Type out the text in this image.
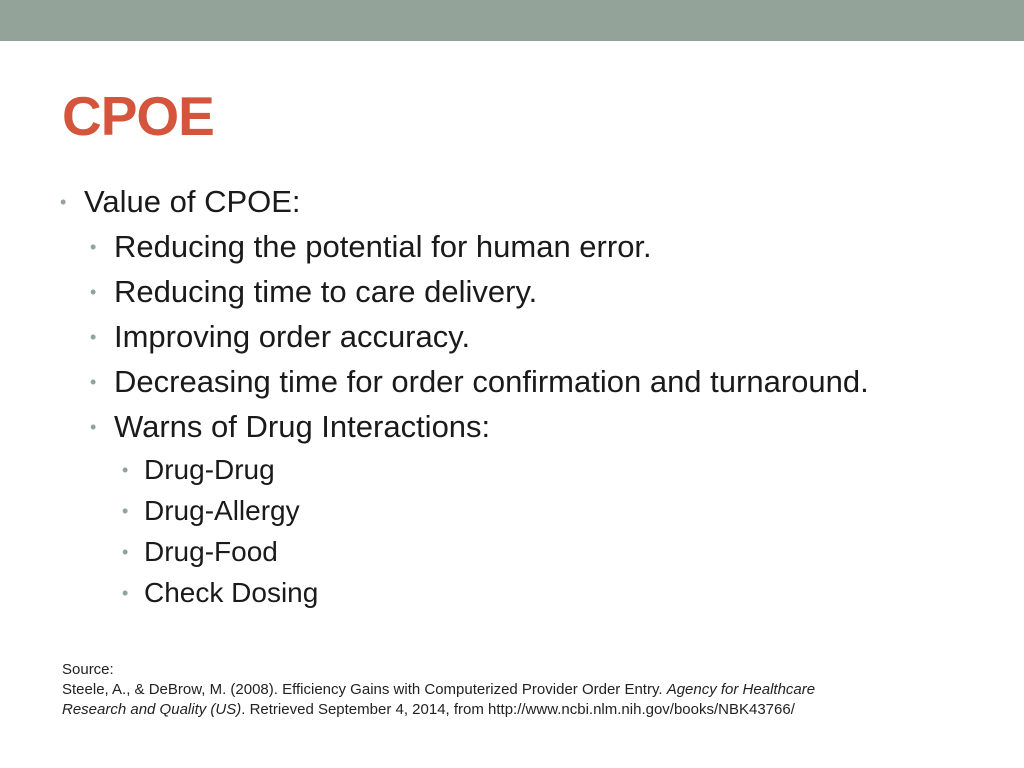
CPOE
• Value of CPOE:
• Reducing the potential for human error.
• Reducing time to care delivery.
• Improving order accuracy.
• Decreasing time for order confirmation and turnaround.
• Warns of Drug Interactions:
• Drug-Drug
• Drug-Allergy
• Drug-Food
• Check Dosing
Source:
Steele, A., & DeBrow, M. (2008). Efficiency Gains with Computerized Provider Order Entry. Agency for Healthcare
Research and Quality (US). Retrieved September 4, 2014, from http://www.ncbi.nlm.nih.gov/books/NBK43766/
